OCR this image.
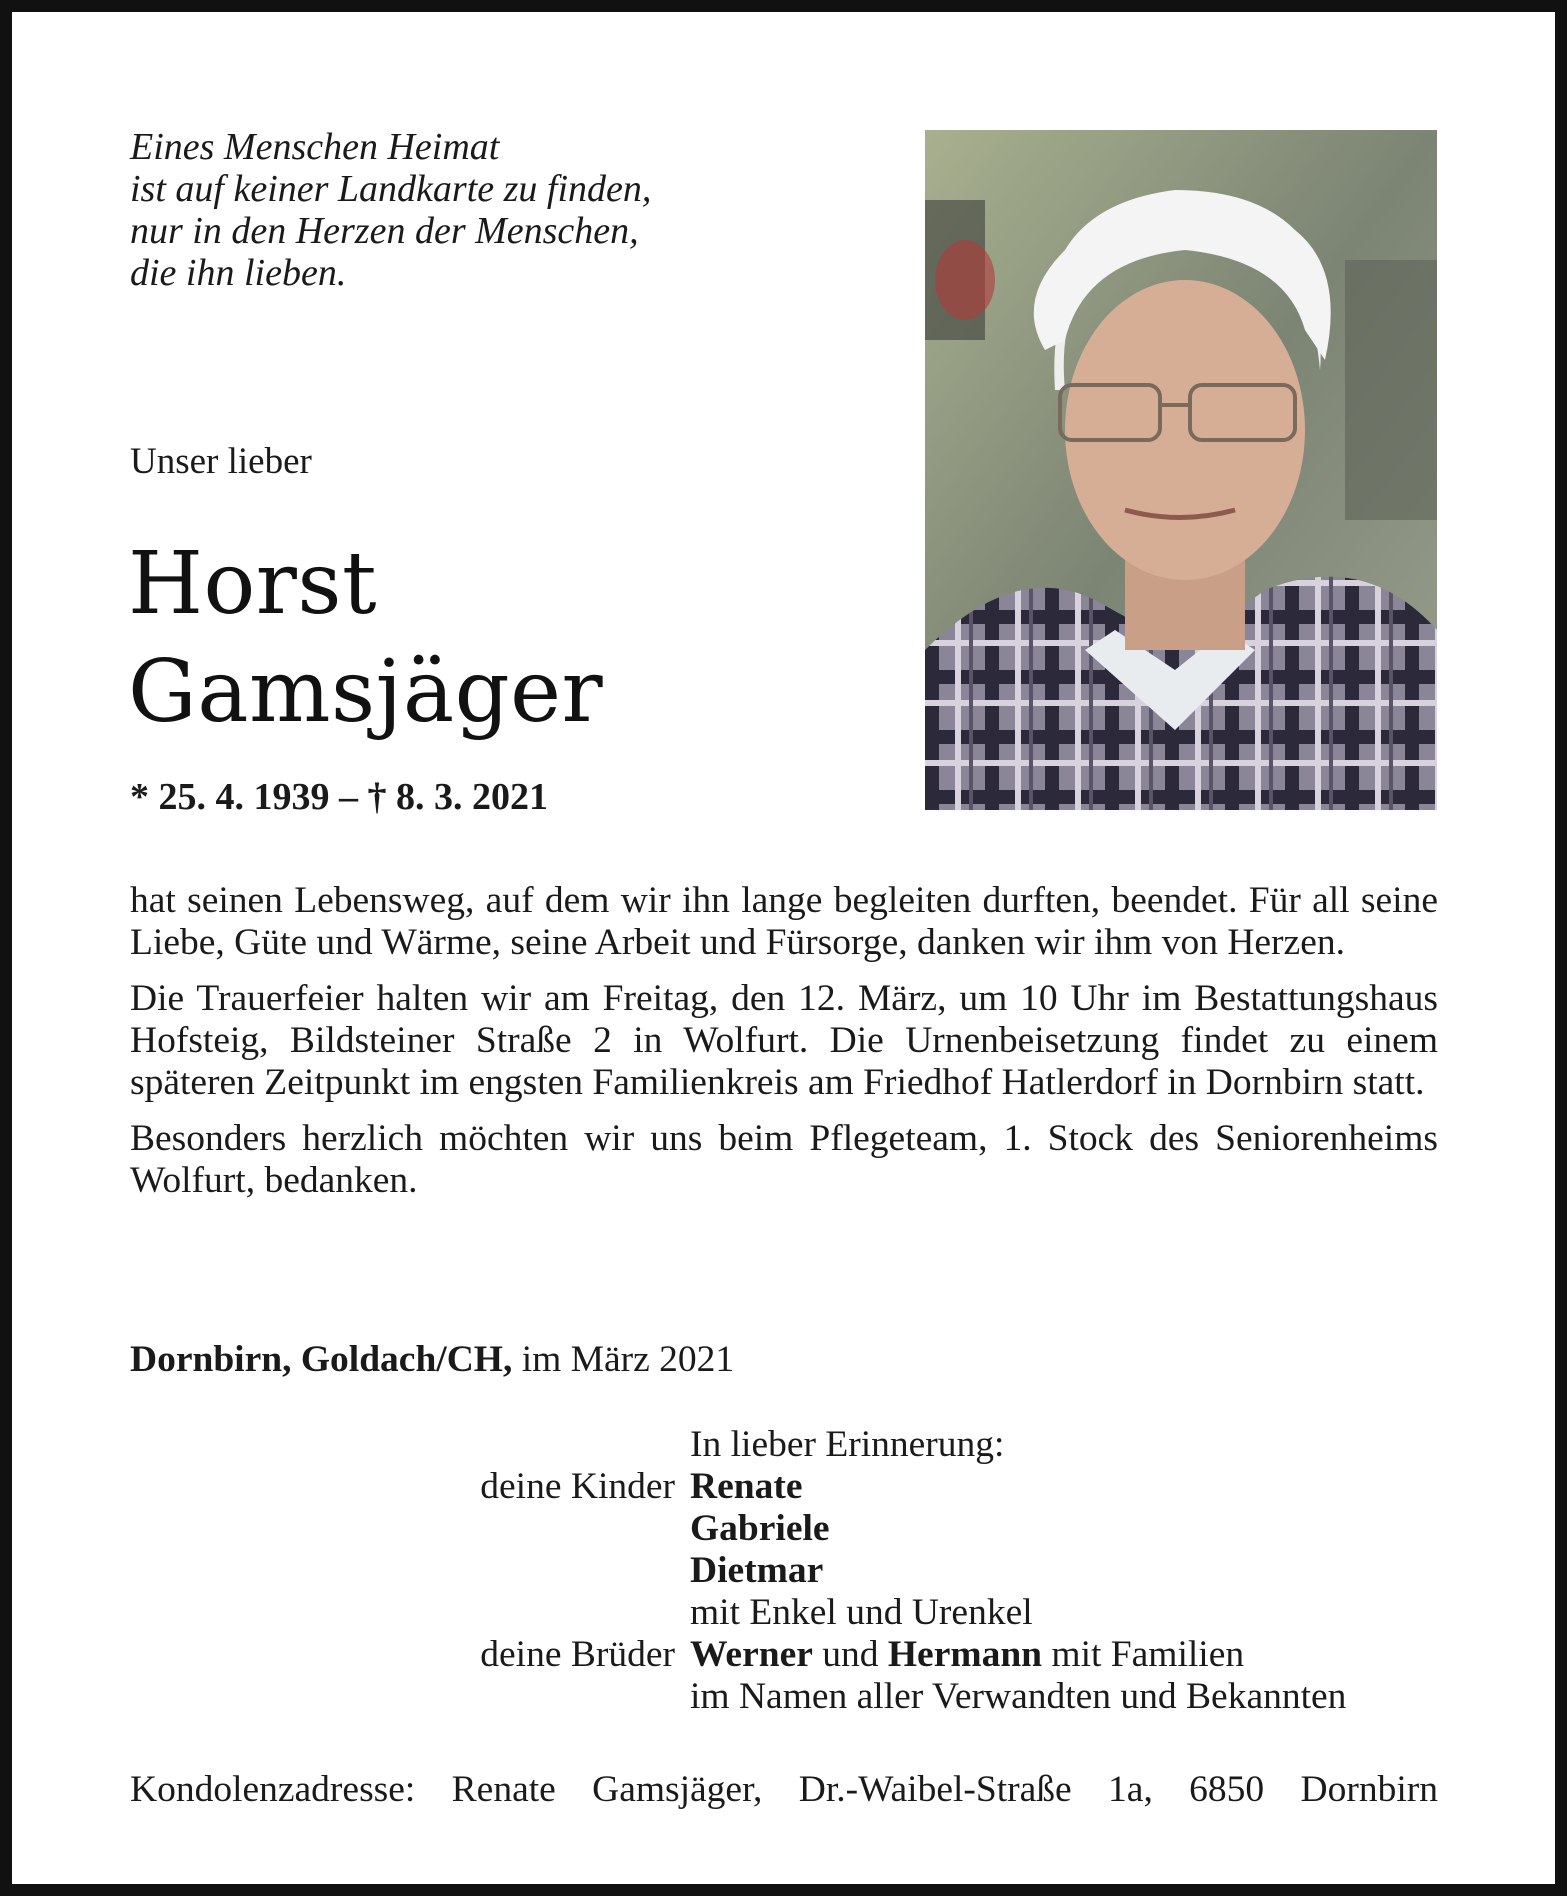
Eines Menschen Heimat
ist auf keiner Landkarte zu finden,
nur in den Herzen der Menschen,
die ihn lieben.
Unser lieber
Horst
Gamsjäger
* 25. 4. 1939 – † 8. 3. 2021

hat seinen Lebensweg, auf dem wir ihn lange begleiten durften, beendet. Für all seine Liebe, Güte und Wärme, seine Arbeit und Fürsorge, danken wir ihm von Herzen.

Die Trauerfeier halten wir am Freitag, den 12. März, um 10 Uhr im Bestattungshaus Hofsteig, Bildsteiner Straße 2 in Wolfurt. Die Urnenbeisetzung findet zu einem späteren Zeitpunkt im engsten Familienkreis am Friedhof Hatlerdorf in Dornbirn statt.

Besonders herzlich möchten wir uns beim Pflegeteam, 1. Stock des Seniorenheims Wolfurt, bedanken.

Dornbirn, Goldach/CH, im März 2021
In lieber Erinnerung:
deine Kinder Renate
Gabriele
Dietmar
mit Enkel und Urenkel
deine Brüder Werner und Hermann mit Familien
im Namen aller Verwandten und Bekannten
Kondolenzadresse: Renate Gamsjäger, Dr.-Waibel-Straße 1a, 6850 Dornbirn
